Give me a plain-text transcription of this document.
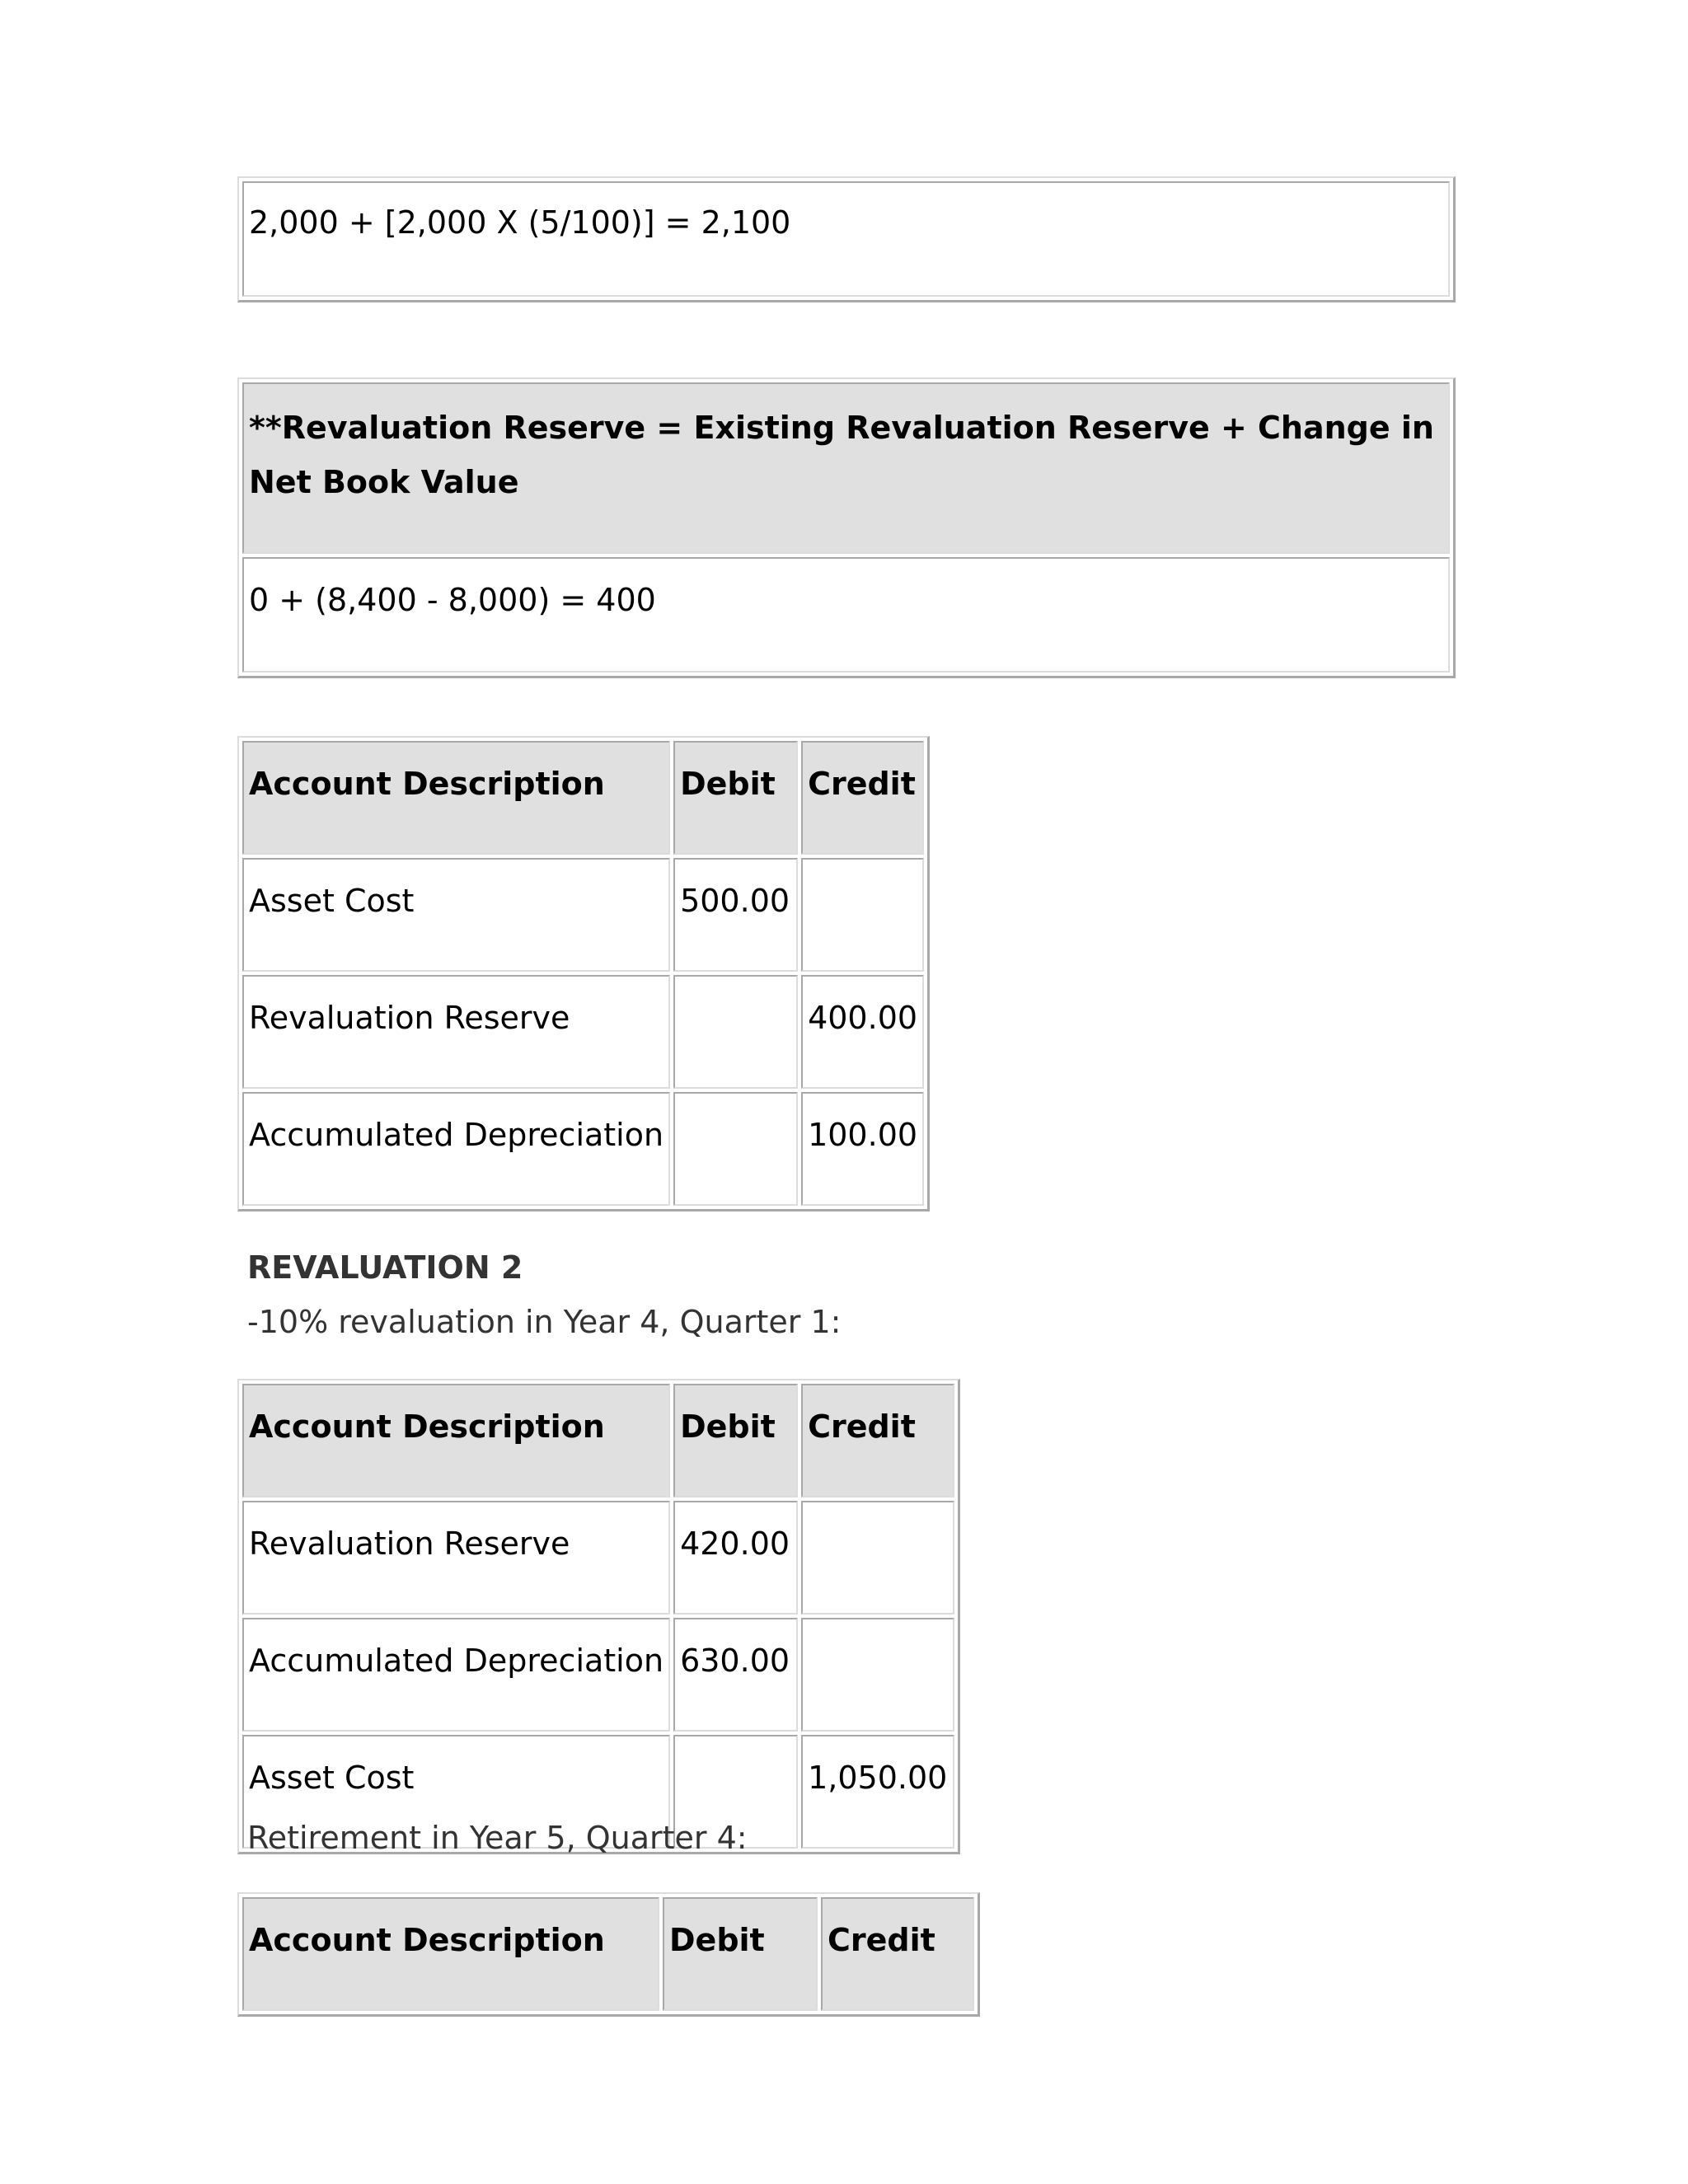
2,000 + [2,000 X (5/100)] = 2,100
**Revaluation Reserve = Existing Revaluation Reserve + Change in Net Book Value
0 + (8,400 - 8,000) = 400
Account Description	Debit	Credit
Asset Cost	500.00	
Revaluation Reserve		400.00
Accumulated Depreciation		100.00
REVALUATION 2
-10% revaluation in Year 4, Quarter 1:
Account Description	Debit	Credit
Revaluation Reserve	420.00	
Accumulated Depreciation	630.00	
Asset Cost		1,050.00
Retirement in Year 5, Quarter 4:
Account Description	Debit	Credit
